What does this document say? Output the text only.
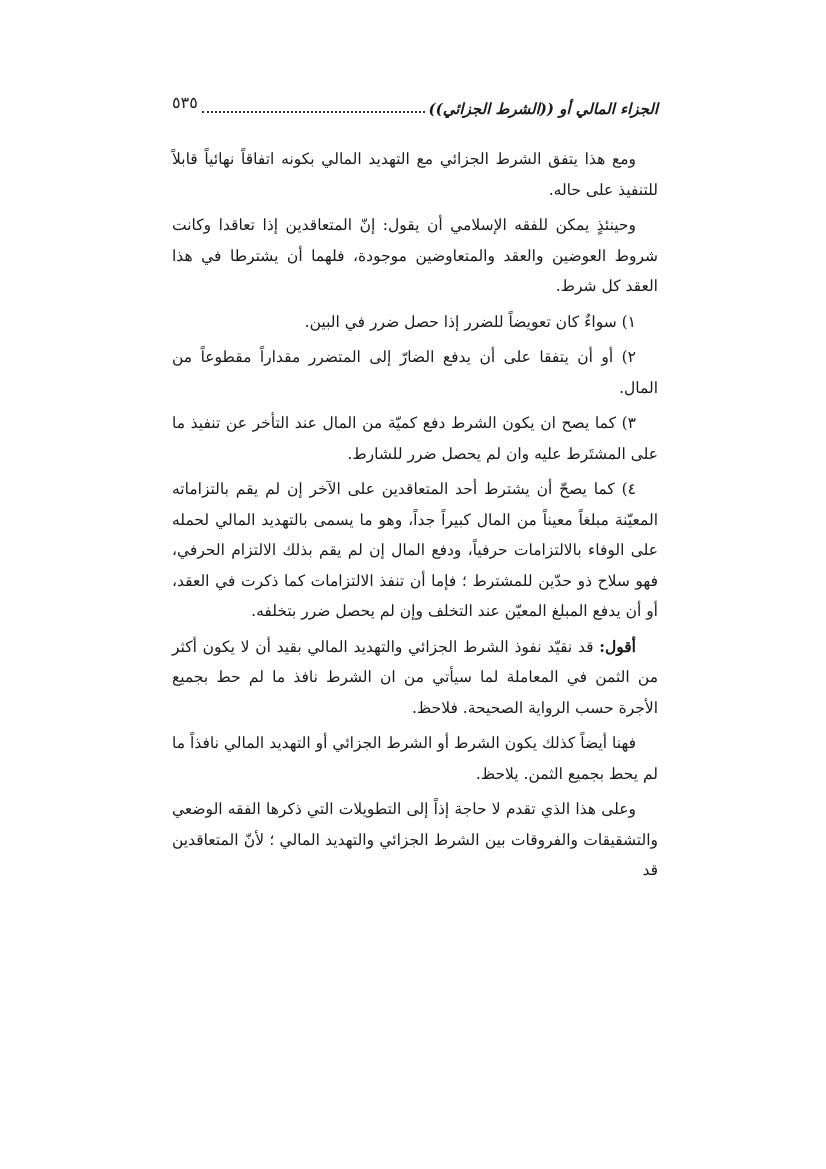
الجزاء المالي أو ((الشرط الجزائي))
٥٣٥

ومع هذا يتفق الشرط الجزائي مع التهديد المالي بكونه اتفاقاً نهائياً قابلاً للتنفيذ على حاله.

وحينئذٍ يمكن للفقه الإسلامي أن يقول: إنّ المتعاقدين إذا تعاقدا وكانت شروط العوضين والعقد والمتعاوضين موجودة، فلهما أن يشترطا في هذا العقد كل شرط.

١) سواءٌ كان تعويضاً للضرر إذا حصل ضرر في البين.

٢) أو أن يتفقا على أن يدفع الضارّ إلى المتضرر مقداراً مقطوعاً من المال.

٣) كما يصح ان يكون الشرط دفع كميّة من المال عند التأخر عن تنفيذ ما على المشتَرط عليه وان لم يحصل ضرر للشارط.

٤) كما يصحّ أن يشترط أحد المتعاقدين على الآخر إن لم يقم بالتزاماته المعيّنة مبلغاً معيناً من المال كبيراً جداً، وهو ما يسمى بالتهديد المالي لحمله على الوفاء بالالتزامات حرفياً، ودفع المال إن لم يقم بذلك الالتزام الحرفي، فهو سلاح ذو حدّين للمشترط ؛ فإما أن تنفذ الالتزامات كما ذكرت في العقد، أو أن يدفع المبلغ المعيّن عند التخلف وإن لم يحصل ضرر بتخلفه.

أقول: قد نقيّد نفوذ الشرط الجزائي والتهديد المالي بقيد أن لا يكون أكثر من الثمن في المعاملة لما سيأتي من ان الشرط نافذ ما لم حط بجميع الأجرة حسب الرواية الصحيحة. فلاحظ.

فهنا أيضاً كذلك يكون الشرط أو الشرط الجزائي أو التهديد المالي نافذاً ما لم يحط بجميع الثمن. يلاحظ.

وعلى هذا الذي تقدم لا حاجة إذاً إلى التطويلات التي ذكرها الفقه الوضعي والتشقيقات والفروقات بين الشرط الجزائي والتهديد المالي ؛ لأنّ المتعاقدين قد
